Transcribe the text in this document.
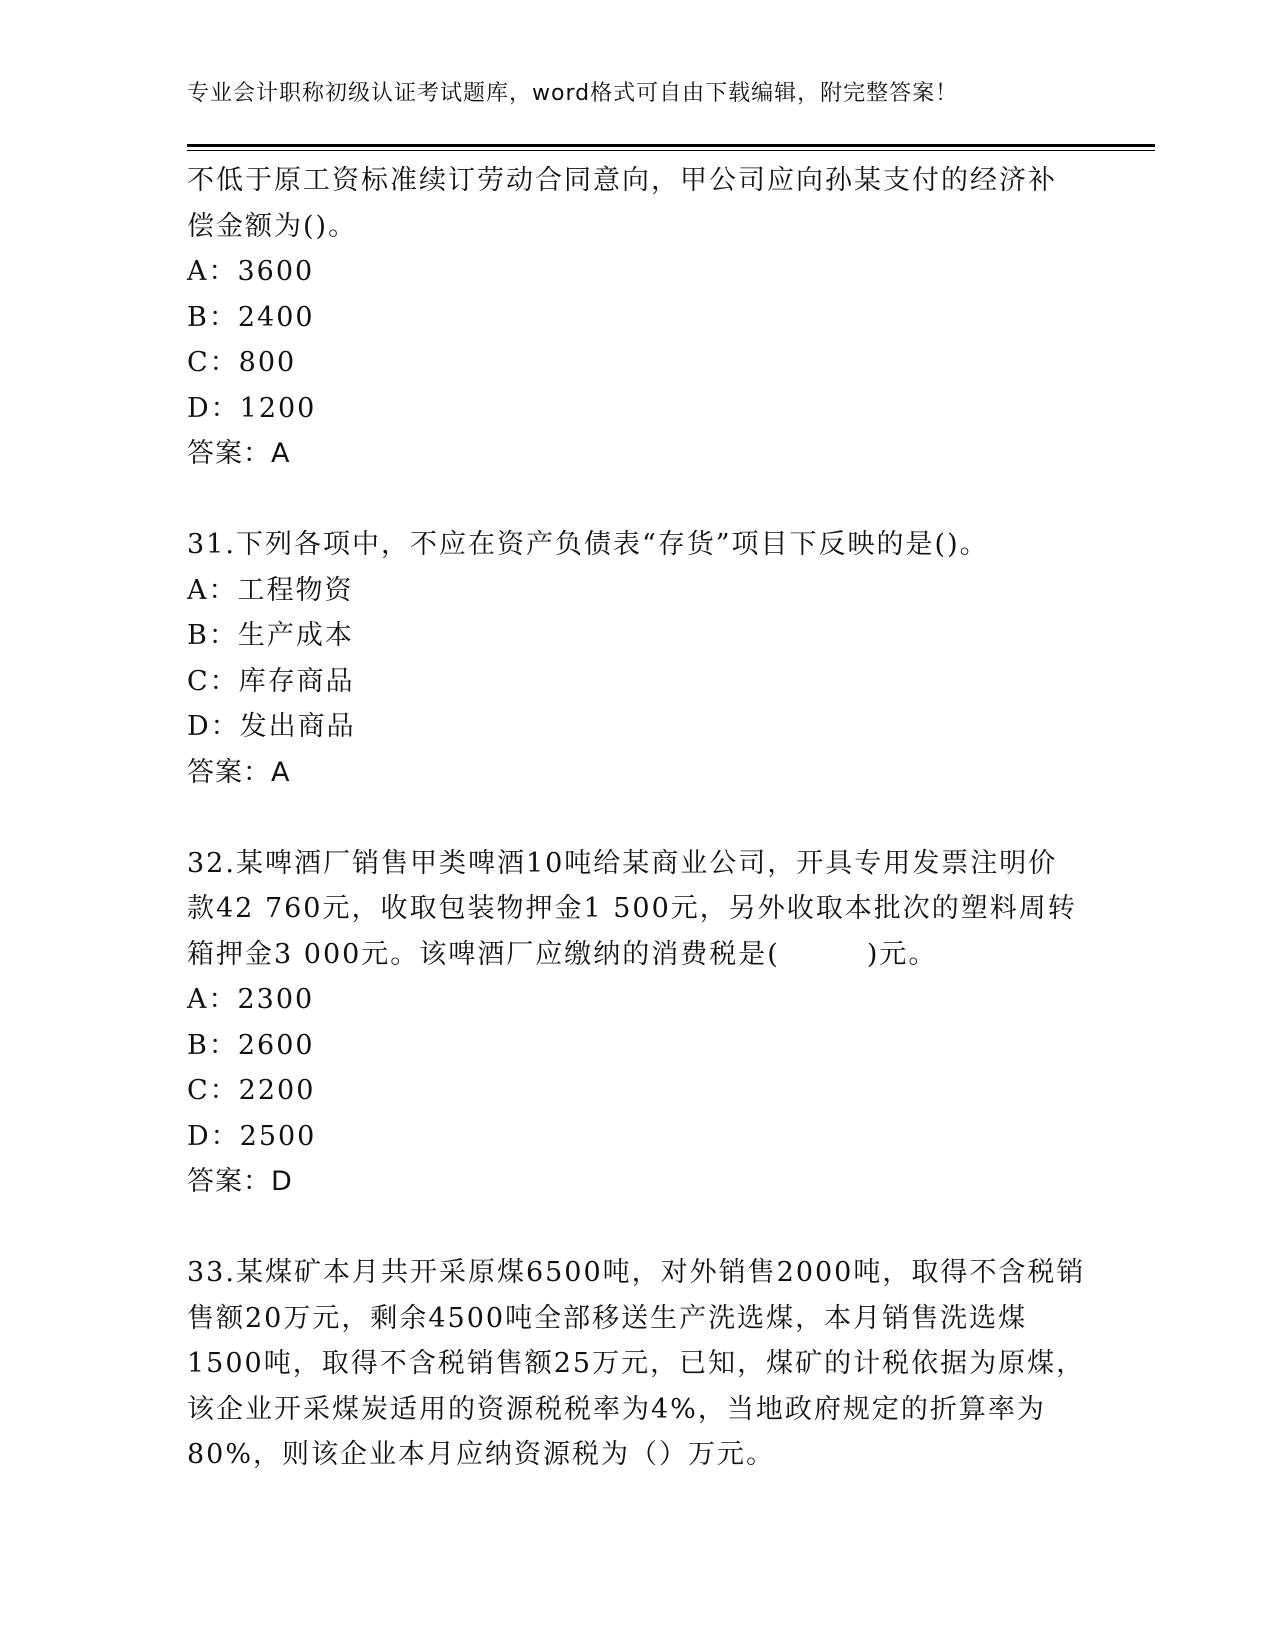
专业会计职称初级认证考试题库，word格式可自由下载编辑，附完整答案！
不低于原工资标准续订劳动合同意向，甲公司应向孙某支付的经济补
偿金额为()。
A：3600
B：2400
C：800
D：1200
答案：A
31.下列各项中，不应在资产负债表“存货”项目下反映的是()。
A：工程物资
B：生产成本
C：库存商品
D：发出商品
答案：A
32.某啤酒厂销售甲类啤酒10吨给某商业公司，开具专用发票注明价
款42 760元，收取包装物押金1 500元，另外收取本批次的塑料周转
箱押金3 000元。该啤酒厂应缴纳的消费税是(　　　)元。
A：2300
B：2600
C：2200
D：2500
答案：D
33.某煤矿本月共开采原煤6500吨，对外销售2000吨，取得不含税销
售额20万元，剩余4500吨全部移送生产洗选煤，本月销售洗选煤
1500吨，取得不含税销售额25万元，已知，煤矿的计税依据为原煤，
该企业开采煤炭适用的资源税税率为4%，当地政府规定的折算率为
80%，则该企业本月应纳资源税为（）万元。
